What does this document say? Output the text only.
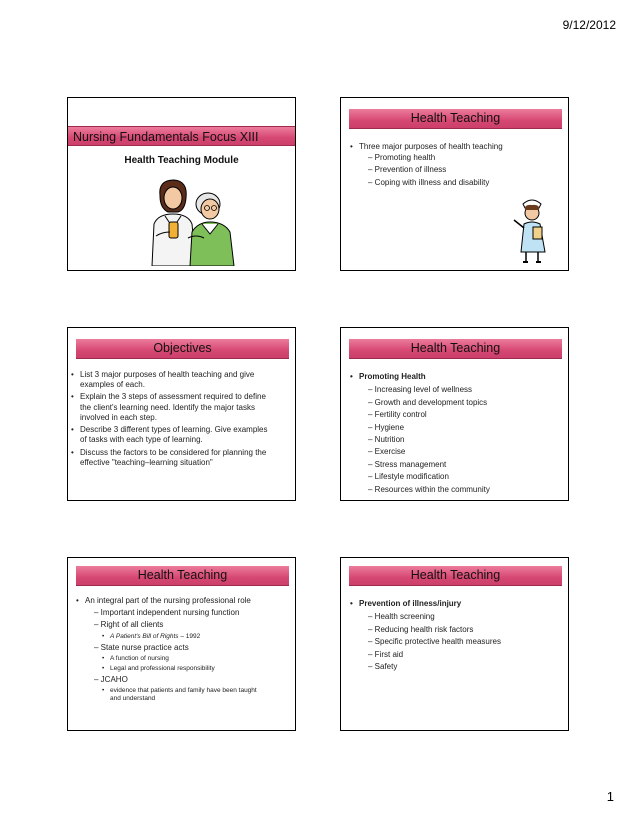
9/12/2012
Nursing Fundamentals Focus XIII
Health Teaching Module
Health Teaching
• Three major purposes of health teaching
– Promoting health
– Prevention of illness
– Coping with illness and disability
Objectives
• List 3 major purposes of health teaching and give examples of each.
• Explain the 3 steps of assessment required to define the client's learning need. Identify the major tasks involved in each step.
• Describe 3 different types of learning. Give examples of tasks with each type of learning.
• Discuss the factors to be considered for planning the effective "teaching–learning situation"
Health Teaching
• Promoting Health
– Increasing level of wellness
– Growth and development topics
– Fertility control
– Hygiene
– Nutrition
– Exercise
– Stress management
– Lifestyle modification
– Resources within the community
Health Teaching
• An integral part of the nursing professional role
– Important independent nursing function
– Right of all clients
• A Patient's Bill of Rights – 1992
– State nurse practice acts
• A function of nursing
• Legal and professional responsibility
– JCAHO
• evidence that patients and family have been taught and understand
Health Teaching
• Prevention of illness/injury
– Health screening
– Reducing health risk factors
– Specific protective health measures
– First aid
– Safety
1
